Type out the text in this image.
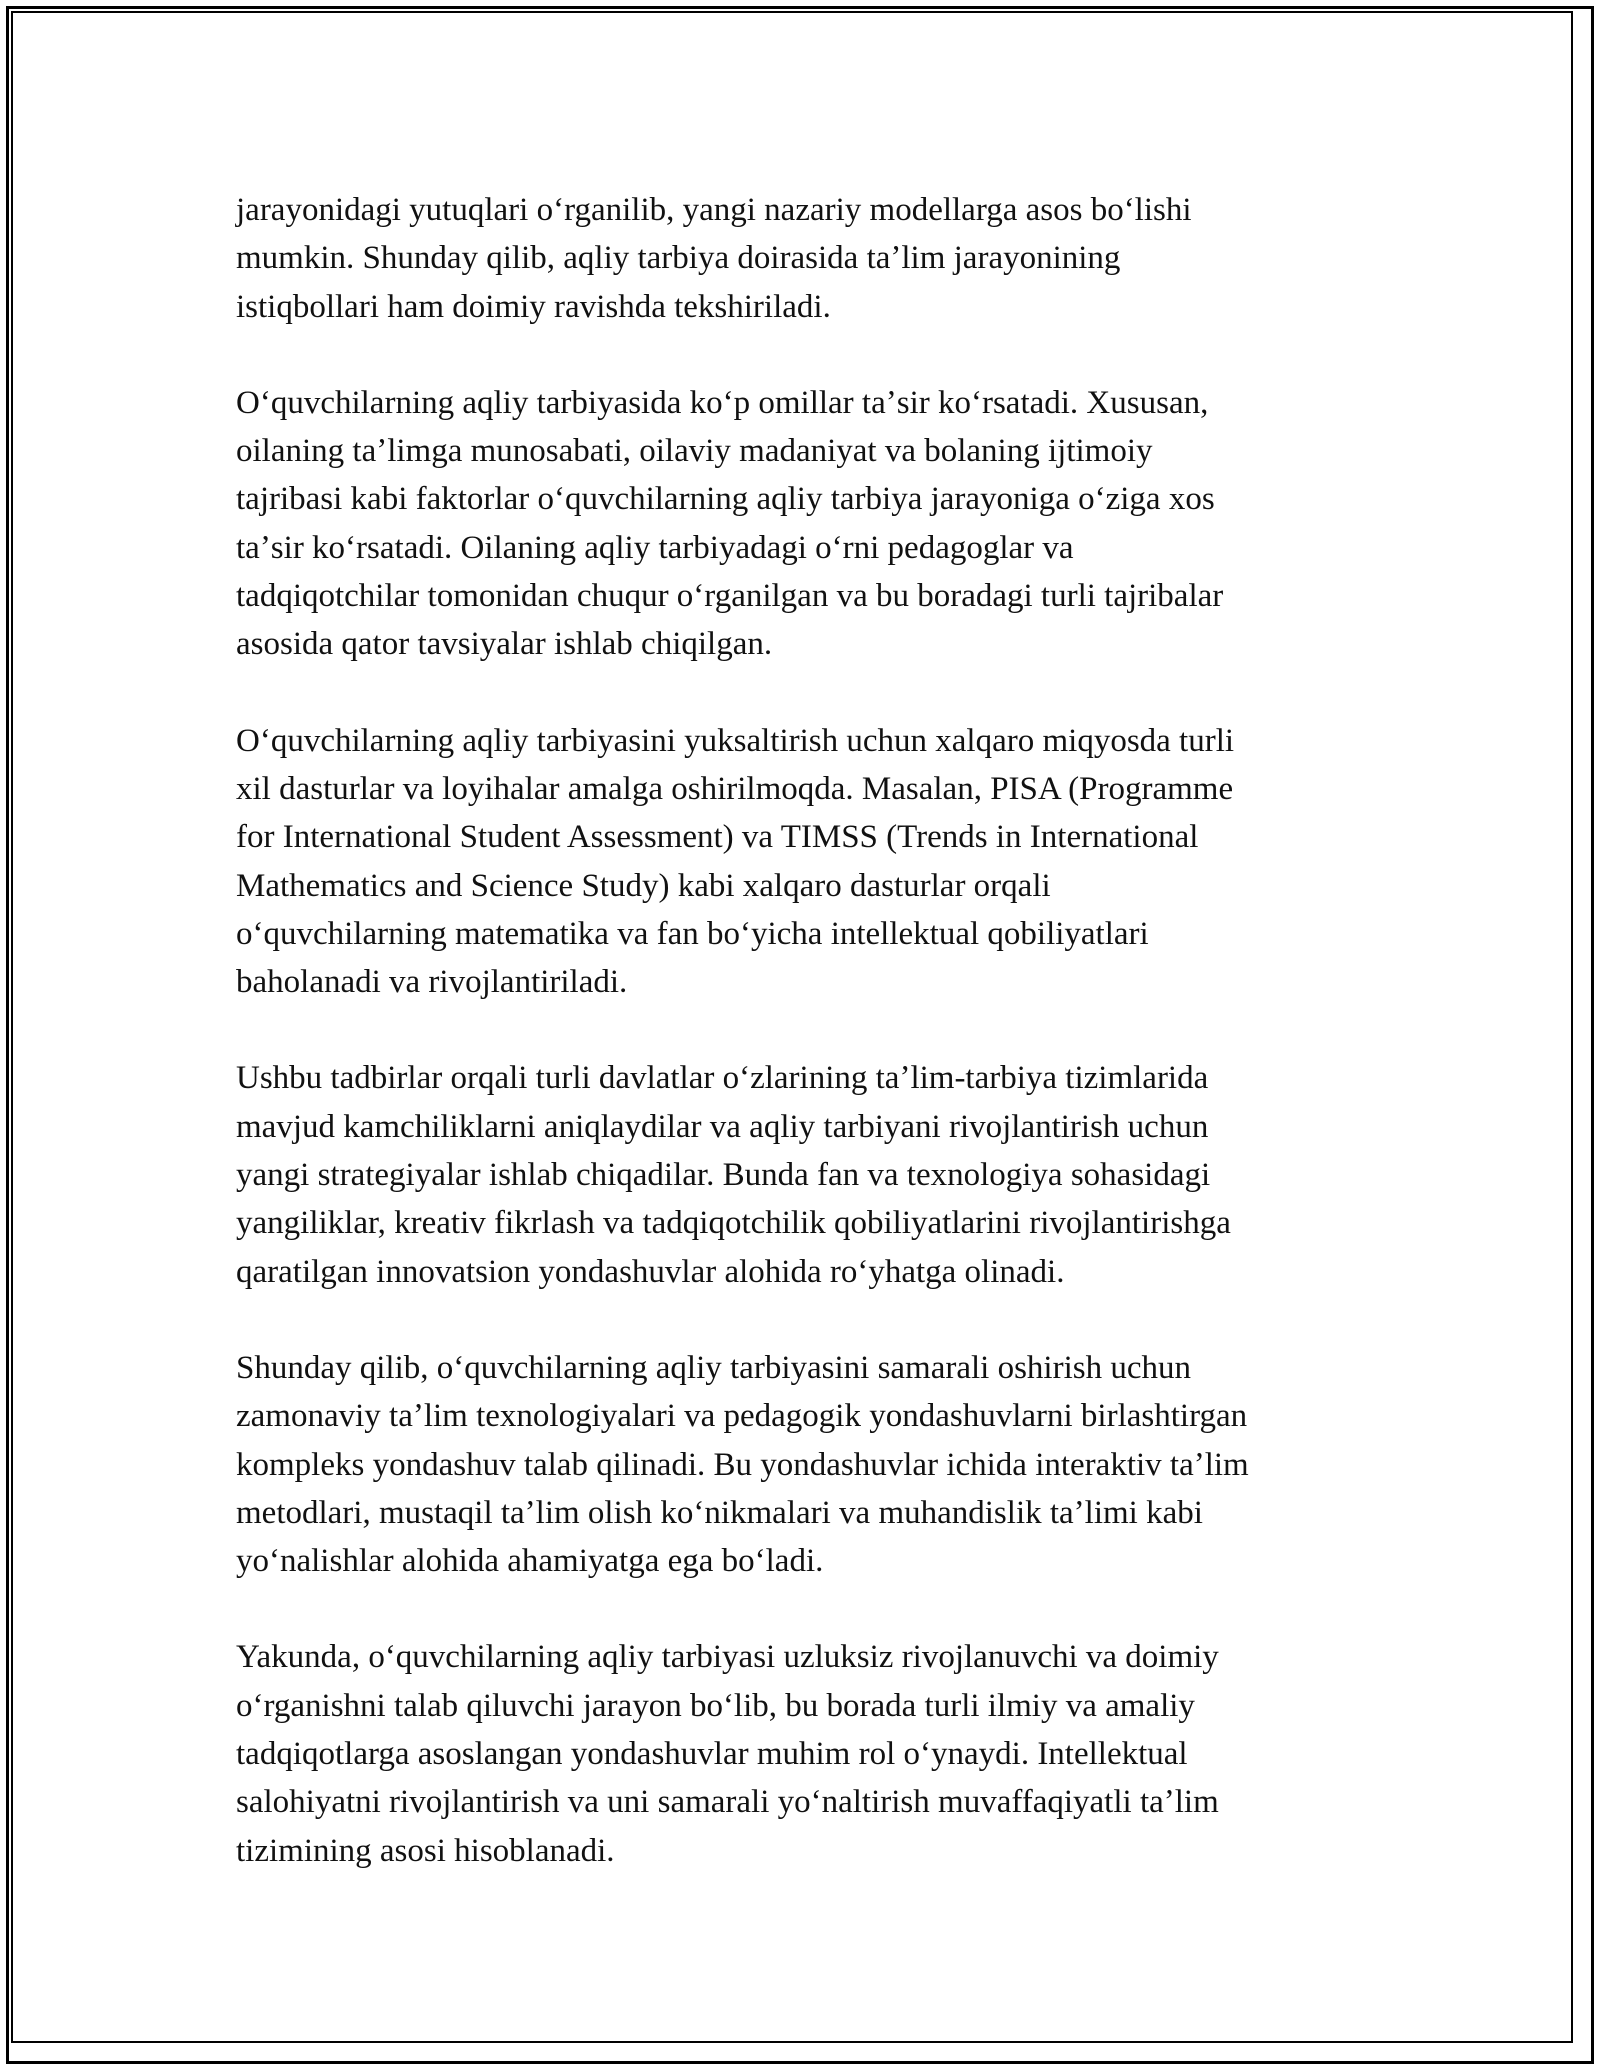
jarayonidagi yutuqlari oʻrganilib, yangi nazariy modellarga asos boʻlishi
mumkin. Shunday qilib, aqliy tarbiya doirasida taʼlim jarayonining
istiqbollari ham doimiy ravishda tekshiriladi.

Oʻquvchilarning aqliy tarbiyasida koʻp omillar taʼsir koʻrsatadi. Xususan,
oilaning taʼlimga munosabati, oilaviy madaniyat va bolaning ijtimoiy
tajribasi kabi faktorlar oʻquvchilarning aqliy tarbiya jarayoniga oʻziga xos
taʼsir koʻrsatadi. Oilaning aqliy tarbiyadagi oʻrni pedagoglar va
tadqiqotchilar tomonidan chuqur oʻrganilgan va bu boradagi turli tajribalar
asosida qator tavsiyalar ishlab chiqilgan.

Oʻquvchilarning aqliy tarbiyasini yuksaltirish uchun xalqaro miqyosda turli
xil dasturlar va loyihalar amalga oshirilmoqda. Masalan, PISA (Programme
for International Student Assessment) va TIMSS (Trends in International
Mathematics and Science Study) kabi xalqaro dasturlar orqali
oʻquvchilarning matematika va fan boʻyicha intellektual qobiliyatlari
baholanadi va rivojlantiriladi.

Ushbu tadbirlar orqali turli davlatlar oʻzlarining taʼlim-tarbiya tizimlarida
mavjud kamchiliklarni aniqlaydilar va aqliy tarbiyani rivojlantirish uchun
yangi strategiyalar ishlab chiqadilar. Bunda fan va texnologiya sohasidagi
yangiliklar, kreativ fikrlash va tadqiqotchilik qobiliyatlarini rivojlantirishga
qaratilgan innovatsion yondashuvlar alohida roʻyhatga olinadi.

Shunday qilib, oʻquvchilarning aqliy tarbiyasini samarali oshirish uchun
zamonaviy taʼlim texnologiyalari va pedagogik yondashuvlarni birlashtirgan
kompleks yondashuv talab qilinadi. Bu yondashuvlar ichida interaktiv taʼlim
metodlari, mustaqil taʼlim olish koʻnikmalari va muhandislik taʼlimi kabi
yoʻnalishlar alohida ahamiyatga ega boʻladi.

Yakunda, oʻquvchilarning aqliy tarbiyasi uzluksiz rivojlanuvchi va doimiy
oʻrganishni talab qiluvchi jarayon boʻlib, bu borada turli ilmiy va amaliy
tadqiqotlarga asoslangan yondashuvlar muhim rol oʻynaydi. Intellektual
salohiyatni rivojlantirish va uni samarali yoʻnaltirish muvaffaqiyatli taʼlim
tizimining asosi hisoblanadi.
